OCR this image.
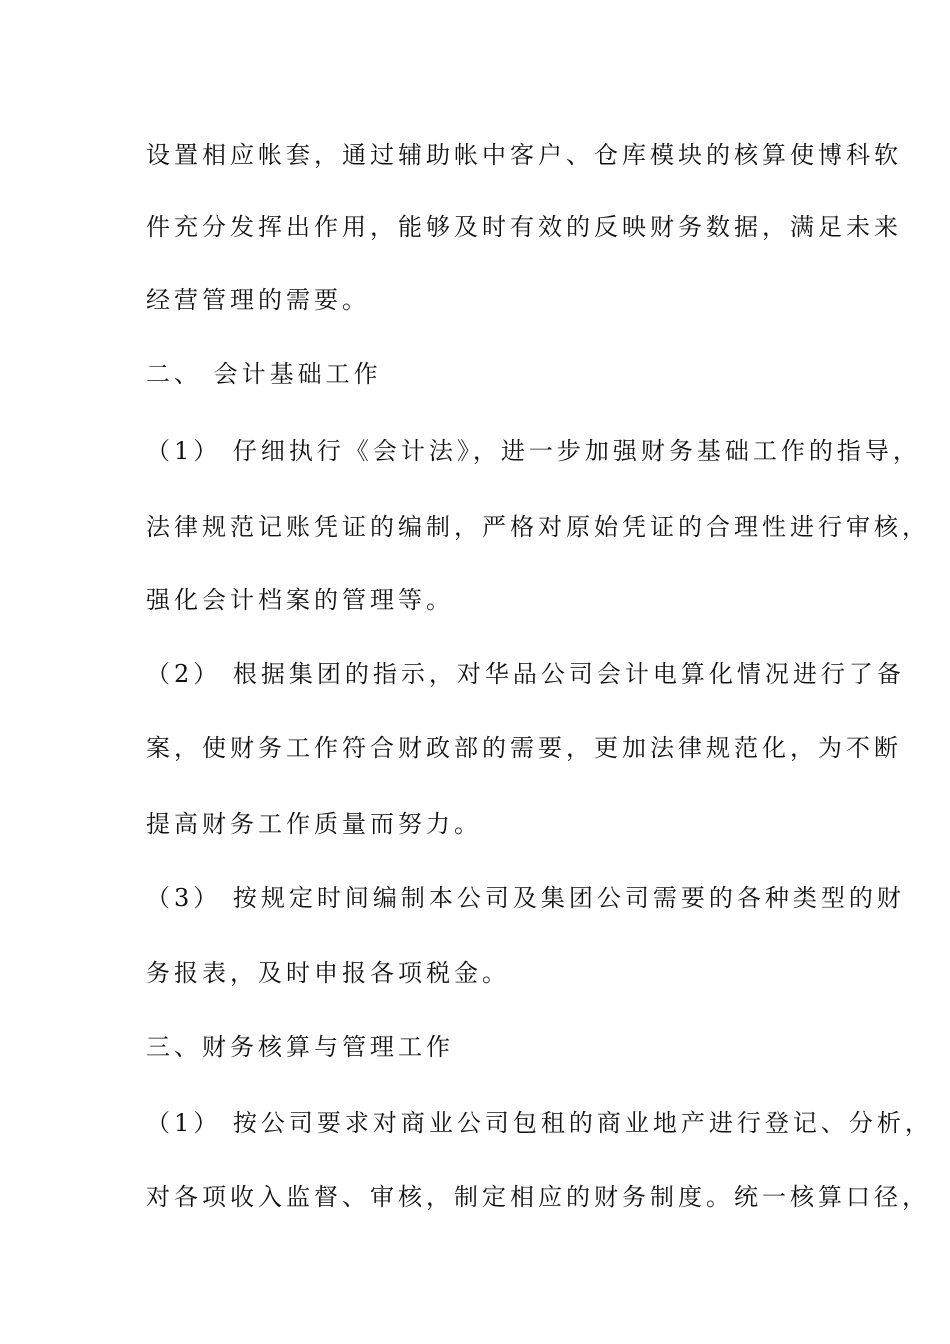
设置相应帐套，通过辅助帐中客户、仓库模块的核算使博科软
件充分发挥出作用，能够及时有效的反映财务数据，满足未来
经营管理的需要。
二、 会计基础工作
（1） 仔细执行《会计法》，进一步加强财务基础工作的指导，
法律规范记账凭证的编制，严格对原始凭证的合理性进行审核，
强化会计档案的管理等。
（2） 根据集团的指示，对华品公司会计电算化情况进行了备
案，使财务工作符合财政部的需要，更加法律规范化，为不断
提高财务工作质量而努力。
（3） 按规定时间编制本公司及集团公司需要的各种类型的财
务报表，及时申报各项税金。
三、财务核算与管理工作
（1） 按公司要求对商业公司包租的商业地产进行登记、分析，
对各项收入监督、审核，制定相应的财务制度。统一核算口径，
